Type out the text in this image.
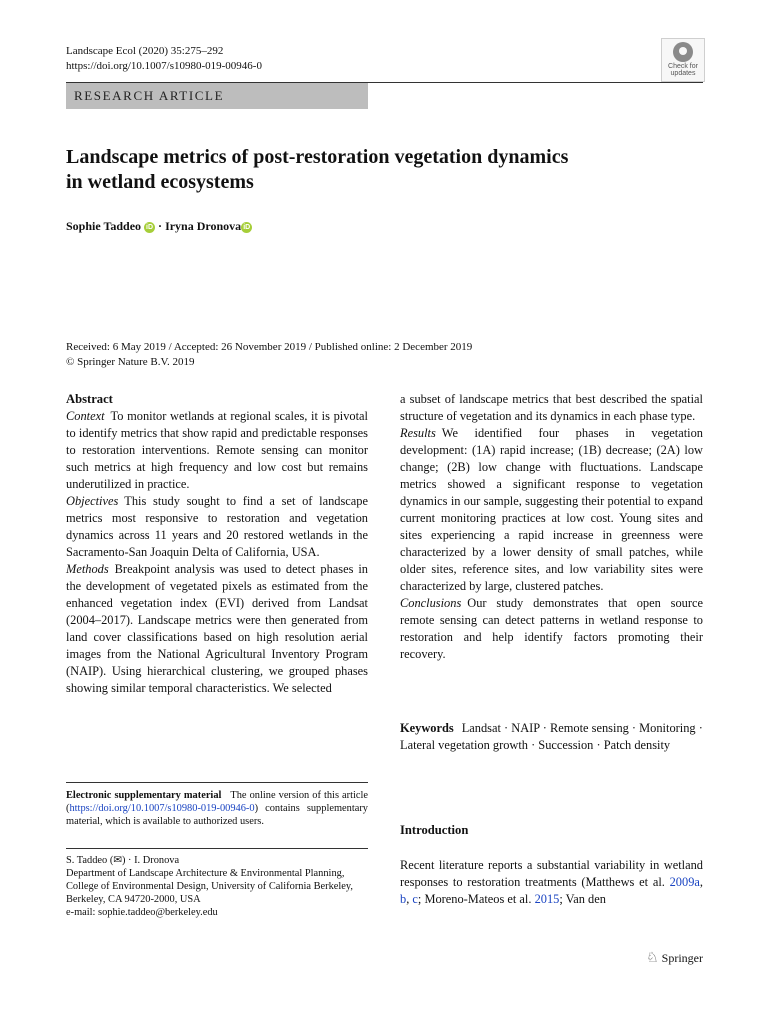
Landscape Ecol (2020) 35:275–292
https://doi.org/10.1007/s10980-019-00946-0	Check for
updates
RESEARCH ARTICLE
Landscape metrics of post-restoration vegetation dynamics
in wetland ecosystems
Sophie Taddeo iD · Iryna Dronova iD
Received: 6 May 2019 / Accepted: 26 November 2019 / Published online: 2 December 2019
© Springer Nature B.V. 2019

Abstract

Context To monitor wetlands at regional scales, it is pivotal to identify metrics that show rapid and predictable responses to restoration interventions. Remote sensing can monitor such metrics at high frequency and low cost but remains underutilized in practice.

Objectives This study sought to find a set of landscape metrics most responsive to restoration and vegetation dynamics across 11 years and 20 restored wetlands in the Sacramento-San Joaquin Delta of California, USA.

Methods Breakpoint analysis was used to detect phases in the development of vegetated pixels as estimated from the enhanced vegetation index (EVI) derived from Landsat (2004–2017). Landscape metrics were then generated from land cover classifications based on high resolution aerial images from the National Agricultural Inventory Program (NAIP). Using hierarchical clustering, we grouped phases showing similar temporal characteristics. We selected

a subset of landscape metrics that best described the spatial structure of vegetation and its dynamics in each phase type.

Results We identified four phases in vegetation development: (1A) rapid increase; (1B) decrease; (2A) low change; (2B) low change with fluctuations. Landscape metrics showed a significant response to vegetation dynamics in our sample, suggesting their potential to expand current monitoring practices at low cost. Young sites and sites experiencing a rapid increase in greenness were characterized by a lower density of small patches, while older sites, reference sites, and low variability sites were characterized by large, clustered patches.

Conclusions Our study demonstrates that open source remote sensing can detect patterns in wetland response to restoration and help identify factors promoting their recovery.

Keywords Landsat · NAIP · Remote sensing · Monitoring · Lateral vegetation growth · Succession · Patch density
Electronic supplementary material The online version of this article (https://doi.org/10.1007/s10980-019-00946-0) contains supplementary material, which is available to authorized users.
S. Taddeo (✉) · I. Dronova
Department of Landscape Architecture & Environmental Planning, College of Environmental Design, University of California Berkeley, Berkeley, CA 94720-2000, USA
e-mail: sophie.taddeo@berkeley.edu
Introduction
Recent literature reports a substantial variability in wetland responses to restoration treatments (Matthews et al. 2009a, b, c; Moreno-Mateos et al. 2015; Van den
♘ Springer
